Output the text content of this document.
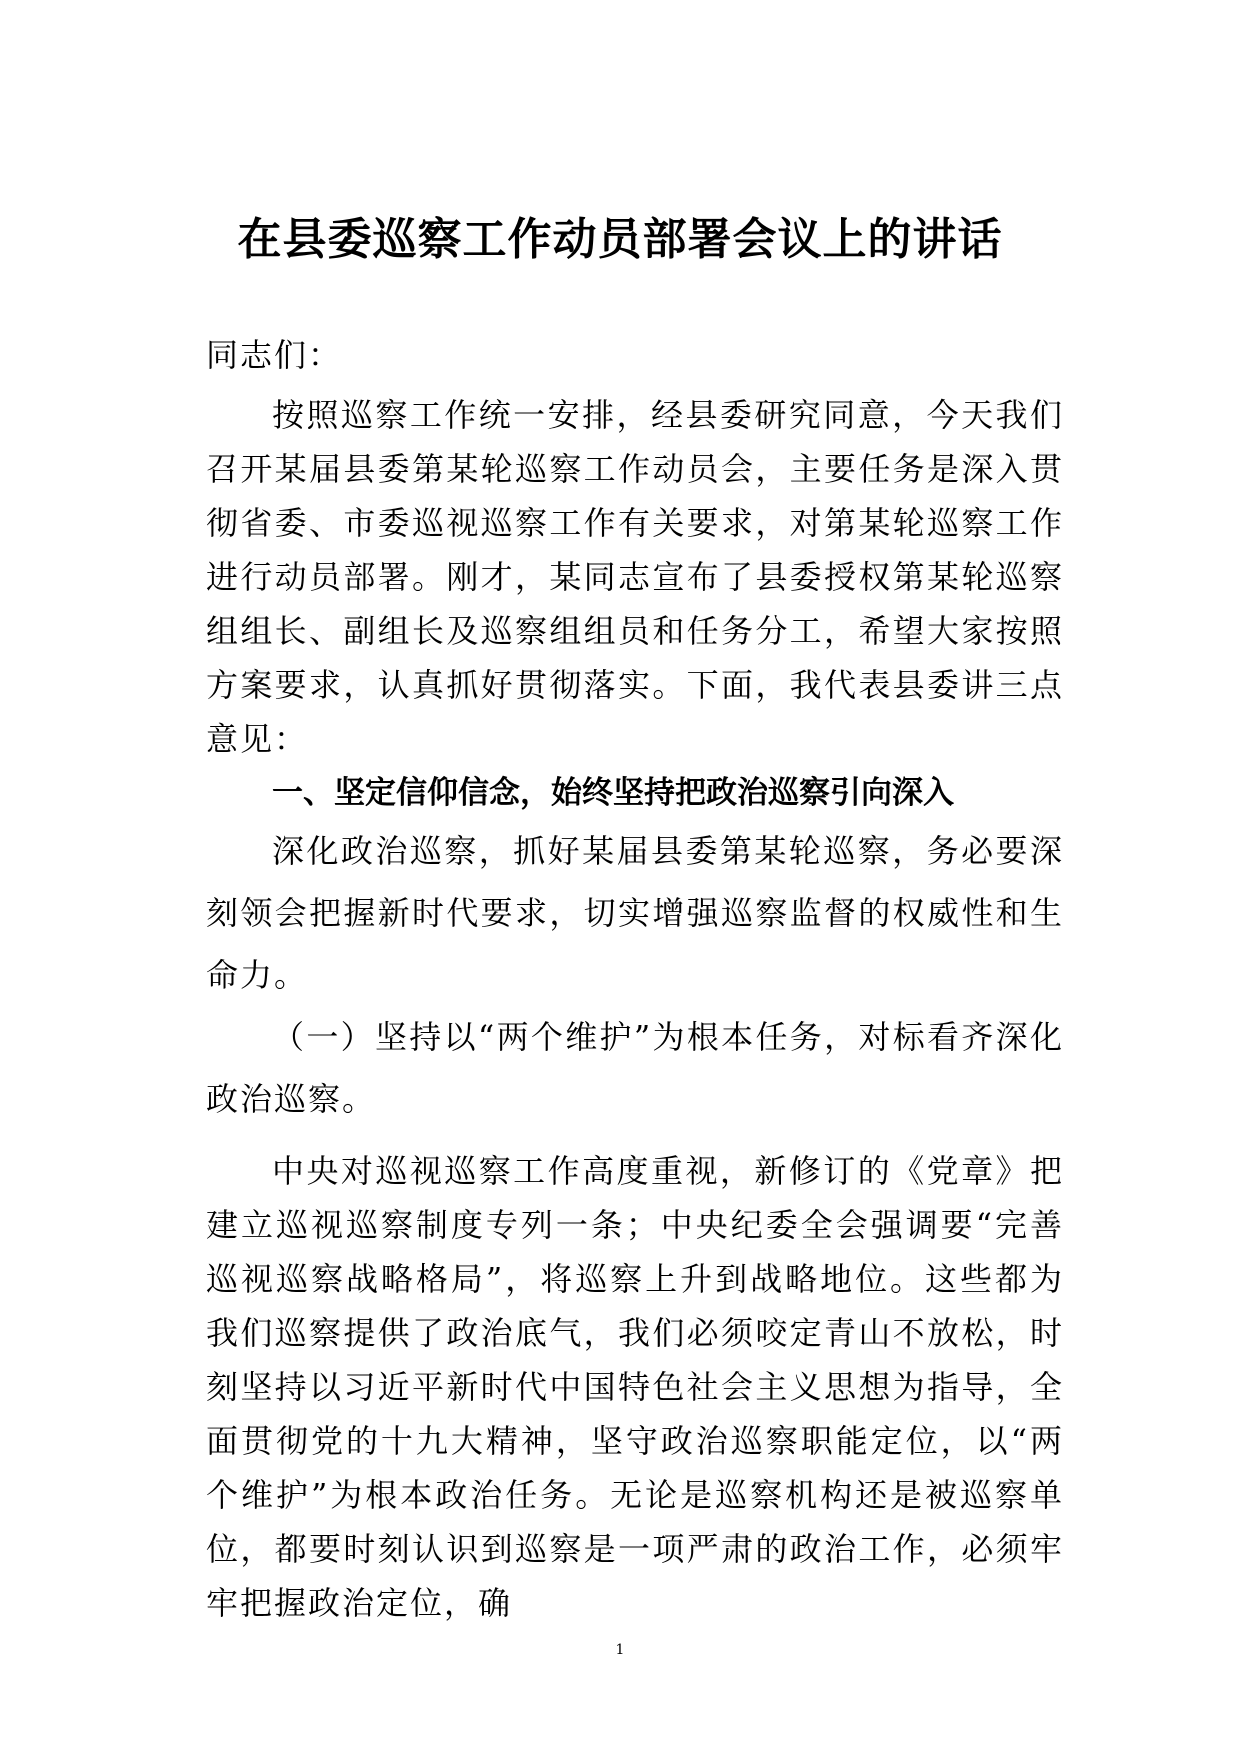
在县委巡察工作动员部署会议上的讲话

同志们：

按照巡察工作统一安排，经县委研究同意，今天我们召开某届县委第某轮巡察工作动员会，主要任务是深入贯彻省委、市委巡视巡察工作有关要求，对第某轮巡察工作进行动员部署。刚才，某同志宣布了县委授权第某轮巡察组组长、副组长及巡察组组员和任务分工，希望大家按照方案要求，认真抓好贯彻落实。下面，我代表县委讲三点意见：

一、坚定信仰信念，始终坚持把政治巡察引向深入

深化政治巡察，抓好某届县委第某轮巡察，务必要深刻领会把握新时代要求，切实增强巡察监督的权威性和生命力。

（一）坚持以“两个维护”为根本任务，对标看齐深化政治巡察。

中央对巡视巡察工作高度重视，新修订的《党章》把建立巡视巡察制度专列一条；中央纪委全会强调要“完善巡视巡察战略格局”，将巡察上升到战略地位。这些都为我们巡察提供了政治底气，我们必须咬定青山不放松，时刻坚持以习近平新时代中国特色社会主义思想为指导，全面贯彻党的十九大精神，坚守政治巡察职能定位，以“两个维护”为根本政治任务。无论是巡察机构还是被巡察单位，都要时刻认识到巡察是一项严肃的政治工作，必须牢牢把握政治定位，确

1
